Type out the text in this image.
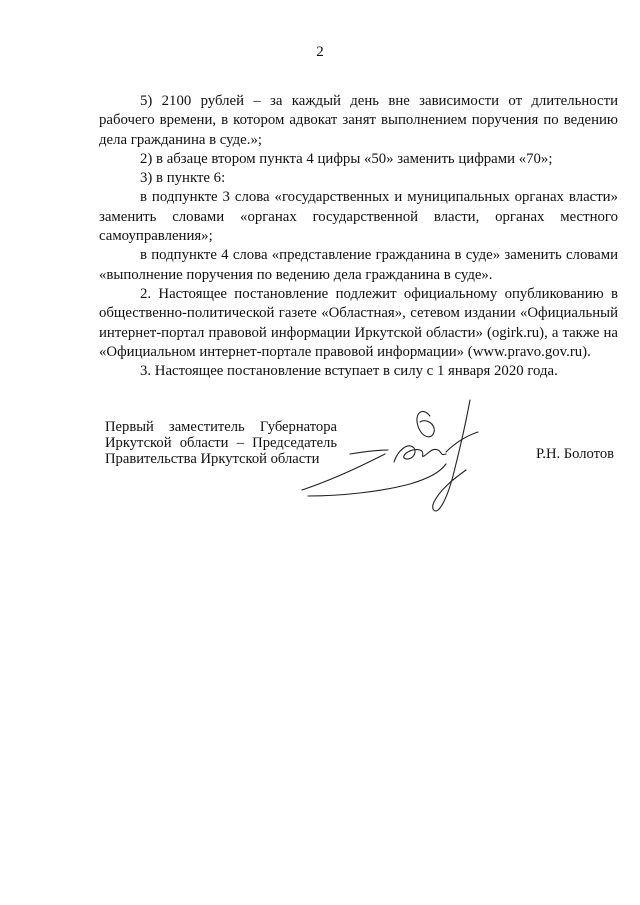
2

5) 2100 рублей – за каждый день вне зависимости от длительности рабочего времени, в котором адвокат занят выполнением поручения по ведению дела гражданина в суде.»;

2) в абзаце втором пункта 4 цифры «50» заменить цифрами «70»;

3) в пункте 6:

в подпункте 3 слова «государственных и муниципальных органах власти» заменить словами «органах государственной власти, органах местного самоуправления»;

в подпункте 4 слова «представление гражданина в суде» заменить словами «выполнение поручения по ведению дела гражданина в суде».

2. Настоящее постановление подлежит официальному опубликованию в общественно-политической газете «Областная», сетевом издании «Официальный интернет-портал правовой информации Иркутской области» (ogirk.ru), а также на «Официальном интернет-портале правовой информации» (www.pravo.gov.ru).

3. Настоящее постановление вступает в силу с 1 января 2020 года.

Первый заместитель Губернатора
Иркутской области – Председатель
Правительства Иркутской области	Р.Н. Болотов
